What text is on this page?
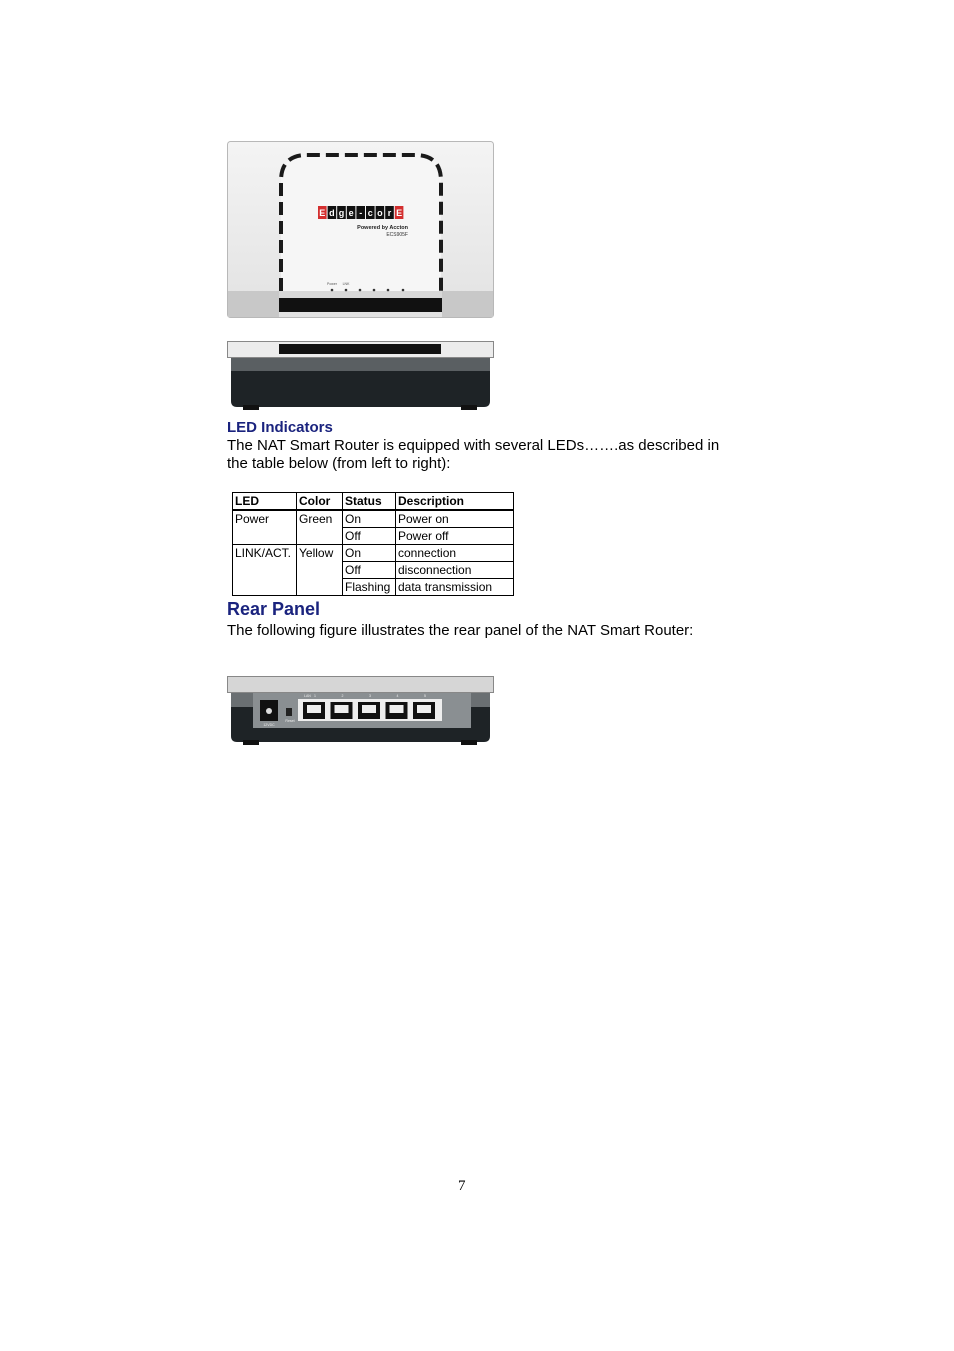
E d g e - c o r E
Powered by Accton
ECS905F
Power LNK
LED Indicators
The NAT Smart Router is equipped with several LEDs…….as described in
the table below (from left to right):
LED	Color	Status	Description
Power	Green	On	Power on
		Off	Power off
LINK/ACT.	Yellow	On	connection
		Off	disconnection
		Flashing	data transmission
Rear Panel
The following figure illustrates the rear panel of the NAT Smart Router:
12VDC
Reset
LAN 1	2	3	4	5
7
